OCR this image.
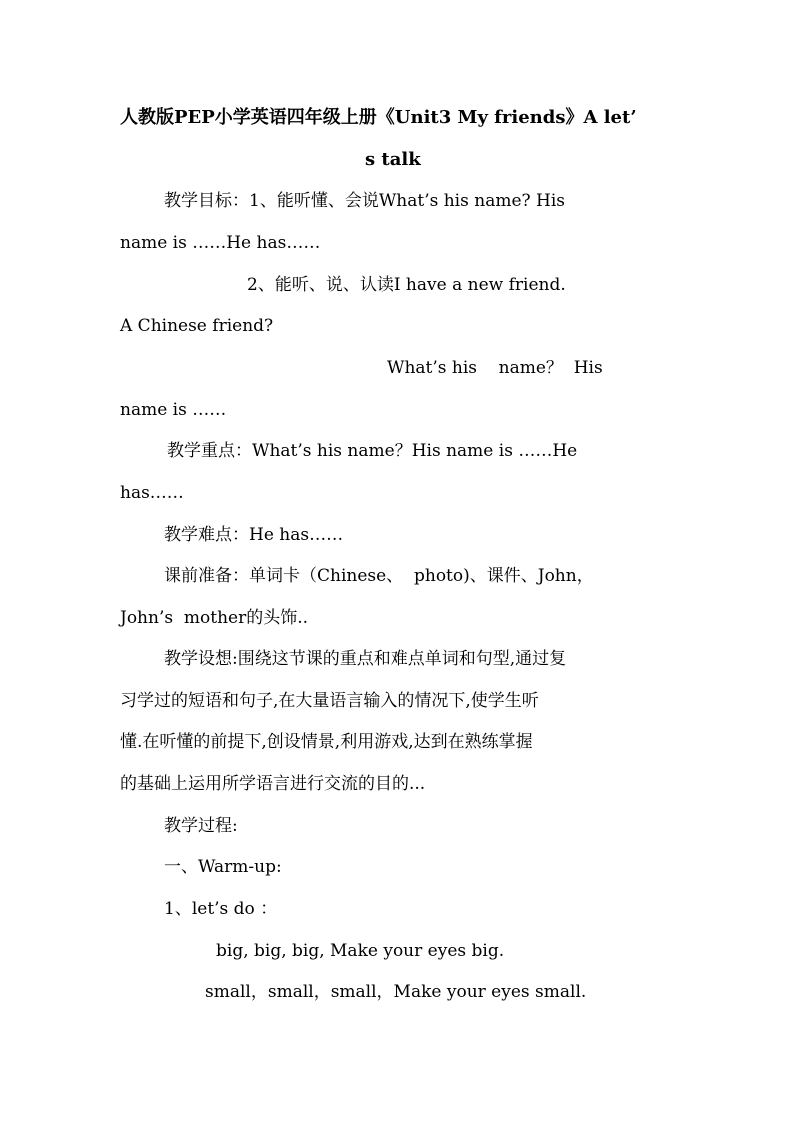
人教版PEP小学英语四年级上册《Unit3 My friends》A let’
s talk
教学目标：1、能听懂、会说What’s his name? His
name is ……He has……
2、能听、说、认读I have a new friend.
A Chinese friend?
What’s his    name？  His
name is ……
教学重点：What’s his name？His name is ……He
has……
教学难点：He has……
课前准备：单词卡（Chinese、  photo)、课件、John，
John’s  mother的头饰..
教学设想:围绕这节课的重点和难点单词和句型,通过复
习学过的短语和句子,在大量语言输入的情况下,使学生听
懂.在听懂的前提下,创设情景,利用游戏,达到在熟练掌握
的基础上运用所学语言进行交流的目的...
教学过程:
一、Warm-up:
1、let’s do ：
big, big, big, Make your eyes big.
small，small，small，Make your eyes small.
